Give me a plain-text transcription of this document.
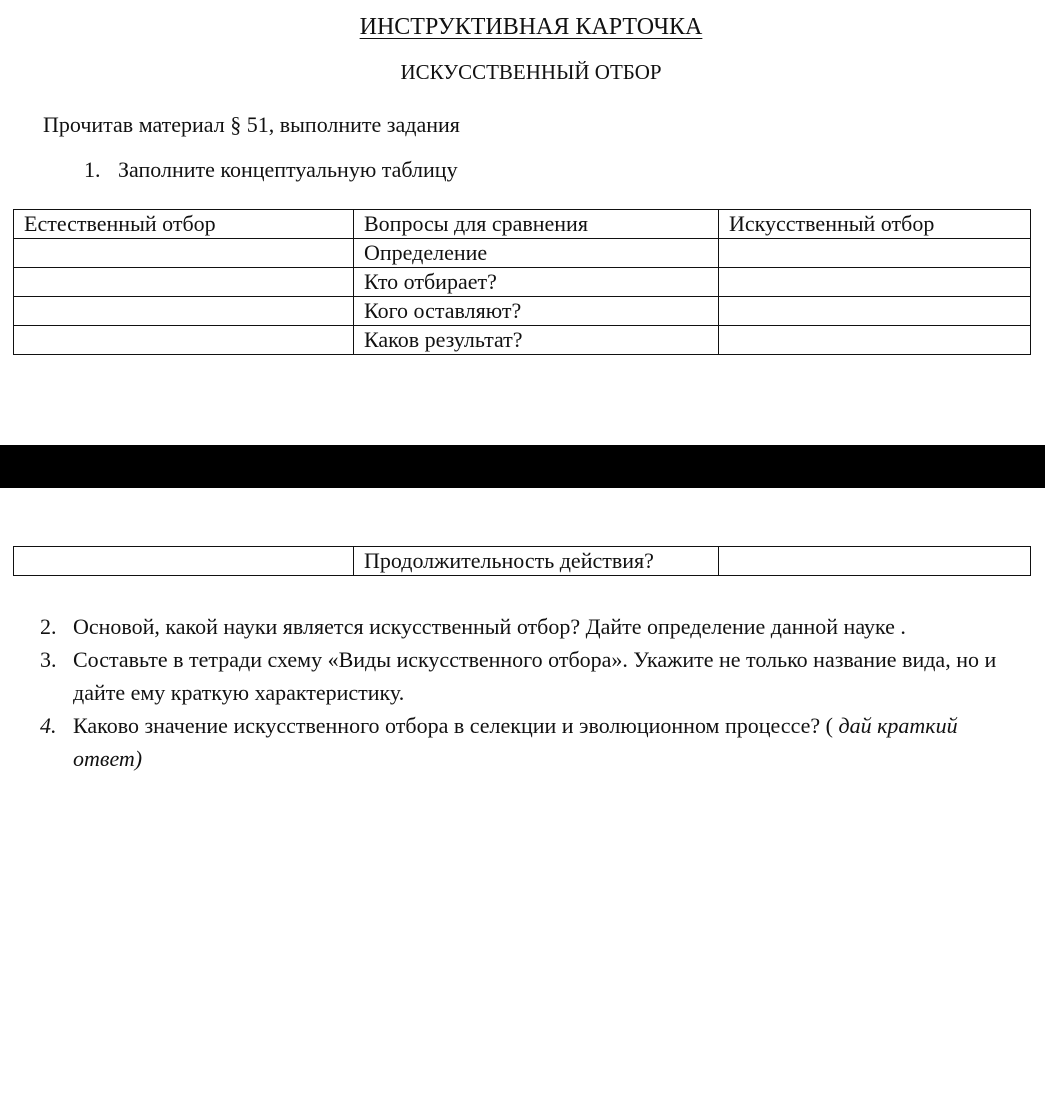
ИНСТРУКТИВНАЯ КАРТОЧКА
ИСКУССТВЕННЫЙ ОТБОР
Прочитав материал § 51, выполните задания
1. Заполните концептуальную таблицу
Естественный отбор	Вопросы для сравнения	Искусственный отбор
	Определение	
	Кто отбирает?	
	Кого оставляют?	
	Каков результат?	
	Продолжительность действия?	
2. Основой, какой науки является искусственный отбор? Дайте определение данной науке .
3. Составьте в тетради схему «Виды искусственного отбора». Укажите не только название вида, но и дайте ему краткую характеристику.
4. Каково значение искусственного отбора в селекции и эволюционном процессе? ( дай краткий ответ)
